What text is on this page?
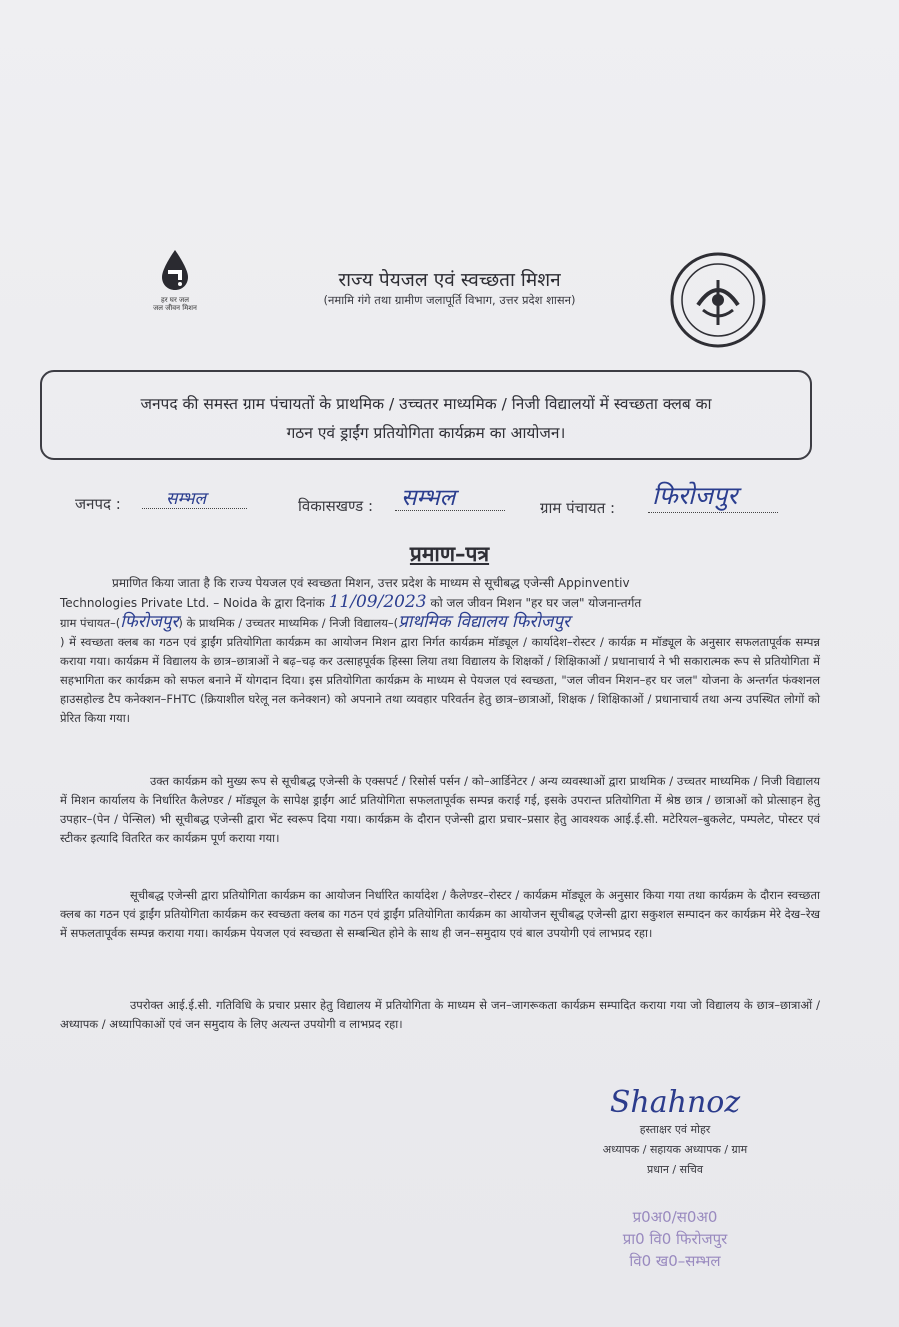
हर घर जल
जल जीवन मिशन
राज्य पेयजल एवं स्वच्छता मिशन
(नमामि गंगे तथा ग्रामीण जलापूर्ति विभाग, उत्तर प्रदेश शासन)
जनपद की समस्त ग्राम पंचायतों के प्राथमिक / उच्चतर माध्यमिक / निजी विद्यालयों में स्वच्छता क्लब का
गठन एवं ड्राईंग प्रतियोगिता कार्यक्रम का आयोजन।
जनपद :	सम्भल	विकासखण्ड : सम्भल	ग्राम पंचायत : फिरोजपुर
प्रमाण–पत्र
प्रमाणित किया जाता है कि राज्य पेयजल एवं स्वच्छता मिशन, उत्तर प्रदेश के माध्यम से सूचीबद्ध एजेन्सी Appinventiv
Technologies Private Ltd. – Noida के द्वारा दिनांक 11/09/2023 को जल जीवन मिशन "हर घर जल" योजनान्तर्गत
ग्राम पंचायत–(फिरोजपुर) के प्राथमिक / उच्चतर माध्यमिक / निजी विद्यालय–(प्राथमिक विद्यालय फिरोजपुर
) में स्वच्छता क्लब का गठन एवं ड्राईंग प्रतियोगिता कार्यक्रम का आयोजन मिशन द्वारा निर्गत कार्यक्रम मॉड्यूल / कार्यादेश–रोस्टर / कार्यक्र म मॉड्यूल के अनुसार सफलतापूर्वक सम्पन्न कराया गया। कार्यक्रम में विद्यालय के छात्र–छात्राओं ने बढ़–चढ़ कर उत्साहपूर्वक हिस्सा लिया तथा विद्यालय के शिक्षकों / शिक्षिकाओं / प्रधानाचार्य ने भी सकारात्मक रूप से प्रतियोगिता में सहभागिता कर कार्यक्रम को सफल बनाने में योगदान दिया। इस प्रतियोगिता कार्यक्रम के माध्यम से पेयजल एवं स्वच्छता, "जल जीवन मिशन–हर घर जल" योजना के अन्तर्गत फंक्शनल हाउसहोल्ड टैप कनेक्शन–FHTC (क्रियाशील घरेलू नल कनेक्शन) को अपनाने तथा व्यवहार परिवर्तन हेतु छात्र–छात्राओं, शिक्षक / शिक्षिकाओं / प्रधानाचार्य तथा अन्य उपस्थित लोगों को प्रेरित किया गया।
उक्त कार्यक्रम को मुख्य रूप से सूचीबद्ध एजेन्सी के एक्सपर्ट / रिसोर्स पर्सन / को–आर्डिनेटर / अन्य व्यवस्थाओं द्वारा प्राथमिक / उच्चतर माध्यमिक / निजी विद्यालय में मिशन कार्यालय के निर्धारित कैलेण्डर / मॉड्यूल के सापेक्ष ड्राईंग आर्ट प्रतियोगिता सफलतापूर्वक सम्पन्न कराई गई, इसके उपरान्त प्रतियोगिता में श्रेष्ठ छात्र / छात्राओं को प्रोत्साहन हेतु उपहार–(पेन / पेन्सिल) भी सूचीबद्ध एजेन्सी द्वारा भेंट स्वरूप दिया गया। कार्यक्रम के दौरान एजेन्सी द्वारा प्रचार–प्रसार हेतु आवश्यक आई.ई.सी. मटेरियल–बुकलेट, पम्पलेट, पोस्टर एवं स्टीकर इत्यादि वितरित कर कार्यक्रम पूर्ण कराया गया।
सूचीबद्ध एजेन्सी द्वारा प्रतियोगिता कार्यक्रम का आयोजन निर्धारित कार्यादेश / कैलेण्डर–रोस्टर / कार्यक्रम मॉड्यूल के अनुसार किया गया तथा कार्यक्रम के दौरान स्वच्छता क्लब का गठन एवं ड्राईंग प्रतियोगिता कार्यक्रम कर स्वच्छता क्लब का गठन एवं ड्राईंग प्रतियोगिता कार्यक्रम का आयोजन सूचीबद्ध एजेन्सी द्वारा सकुशल सम्पादन कर कार्यक्रम मेरे देख–रेख में सफलतापूर्वक सम्पन्न कराया गया। कार्यक्रम पेयजल एवं स्वच्छता से सम्बन्धित होने के साथ ही जन–समुदाय एवं बाल उपयोगी एवं लाभप्रद रहा।
उपरोक्त आई.ई.सी. गतिविधि के प्रचार प्रसार हेतु विद्यालय में प्रतियोगिता के माध्यम से जन–जागरूकता कार्यक्रम सम्पादित कराया गया जो विद्यालय के छात्र–छात्राओं / अध्यापक / अध्यापिकाओं एवं जन समुदाय के लिए अत्यन्त उपयोगी व लाभप्रद रहा।
Shahnoz
हस्ताक्षर एवं मोहर
अध्यापक / सहायक अध्यापक / ग्राम
प्रधान / सचिव
प्र0अ0/स0अ0
प्रा0 वि0 फिरोजपुर
वि0 ख0–सम्भल
